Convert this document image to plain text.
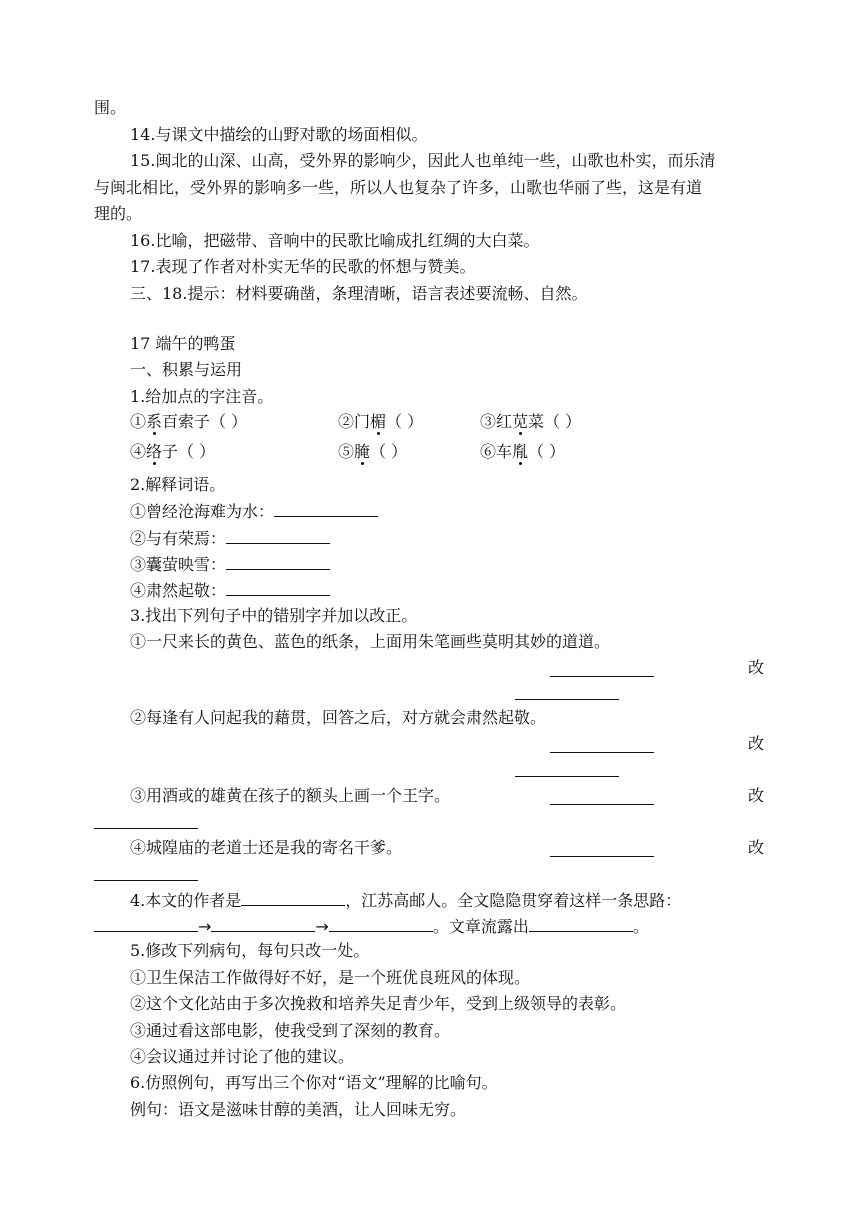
围。
14.与课文中描绘的山野对歌的场面相似。
15.闽北的山深、山高，受外界的影响少，因此人也单纯一些，山歌也朴实，而乐清
与闽北相比，受外界的影响多一些，所以人也复杂了许多，山歌也华丽了些，这是有道
理的。
16.比喻，把磁带、音响中的民歌比喻成扎红绸的大白菜。
17.表现了作者对朴实无华的民歌的怀想与赞美。
三、18.提示：材料要确凿，条理清晰，语言表述要流畅、自然。
17 端午的鸭蛋
一、积累与运用
1.给加点的字注音。
①系百索子（ ）	②门楣（ ）	③红苋菜（ ）
④络子（ ）	⑤腌（ ）	⑥车胤（ ）
2.解释词语。
①曾经沧海难为水：
②与有荣焉：
③囊萤映雪：
④肃然起敬：
3.找出下列句子中的错别字并加以改正。
①一尺来长的黄色、蓝色的纸条，上面用朱笔画些莫明其妙的道道。
改
②每逢有人问起我的藉贯，回答之后，对方就会肃然起敬。
改
③用酒或的雄黄在孩子的额头上画一个王字。	改
④城隍庙的老道士还是我的寄名干爹。	改
4.本文的作者是	，江苏高邮人。全文隐隐贯穿着这样一条思路：
→	→	。文章流露出	。
5.修改下列病句，每句只改一处。
①卫生保洁工作做得好不好，是一个班优良班风的体现。
②这个文化站由于多次挽救和培养失足青少年，受到上级领导的表彰。
③通过看这部电影，使我受到了深刻的教育。
④会议通过并讨论了他的建议。
6.仿照例句，再写出三个你对“语文”理解的比喻句。
例句：语文是滋味甘醇的美酒，让人回味无穷。
